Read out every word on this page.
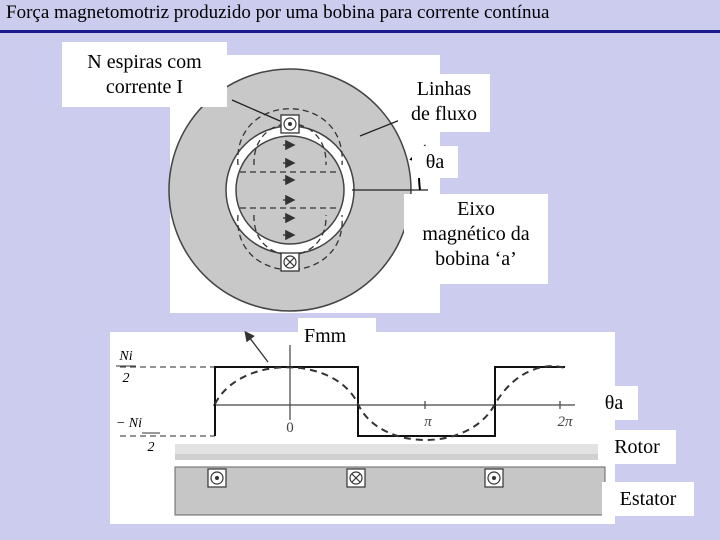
Força magnetomotriz produzido por uma bobina para corrente contínua
Ni
2
− Ni
2
0	π	2π
N espiras com
corrente I	Linhas
de fluxo
θa
Eixo
magnético da
bobina ‘a’
Fmm
θa
Rotor
Estator
